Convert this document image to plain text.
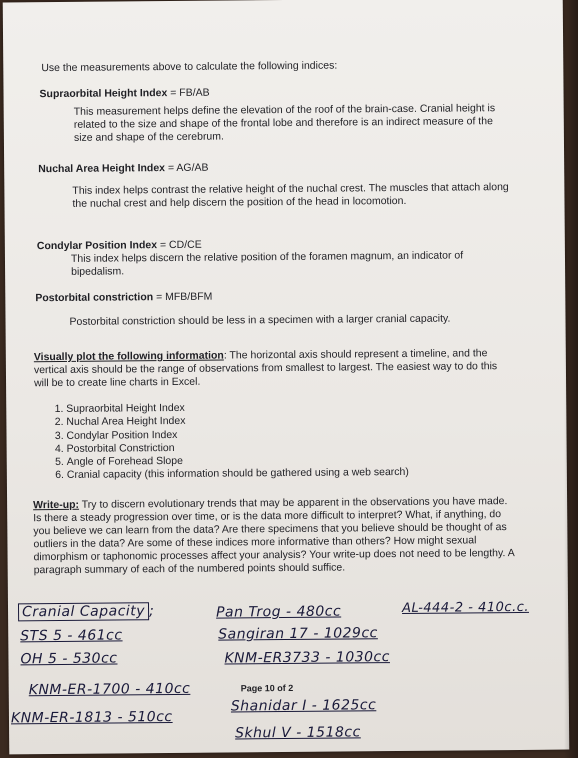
Use the measurements above to calculate the following indices:

Supraorbital Height Index = FB/AB

This measurement helps define the elevation of the roof of the brain-case. Cranial height is related to the size and shape of the frontal lobe and therefore is an indirect measure of the size and shape of the cerebrum.

Nuchal Area Height Index = AG/AB

This index helps contrast the relative height of the nuchal crest. The muscles that attach along the nuchal crest and help discern the position of the head in locomotion.

Condylar Position Index = CD/CE

This index helps discern the relative position of the foramen magnum, an indicator of bipedalism.

Postorbital constriction = MFB/BFM

Postorbital constriction should be less in a specimen with a larger cranial capacity.

Visually plot the following information: The horizontal axis should represent a timeline, and the vertical axis should be the range of observations from smallest to largest. The easiest way to do this will be to create line charts in Excel.

1. Supraorbital Height Index
2. Nuchal Area Height Index
3. Condylar Position Index
4. Postorbital Constriction
5. Angle of Forehead Slope
6. Cranial capacity (this information should be gathered using a web search)

Write-up: Try to discern evolutionary trends that may be apparent in the observations you have made. Is there a steady progression over time, or is the data more difficult to interpret? What, if anything, do you believe we can learn from the data? Are there specimens that you believe should be thought of as outliers in the data? Are some of these indices more informative than others? How might sexual dimorphism or taphonomic processes affect your analysis? Your write-up does not need to be lengthy. A paragraph summary of each of the numbered points should suffice.

Cranial Capacity ;	Pan Trog - 480cc	AL-444-2 - 410c.c.
STS 5 - 461cc	Sangiran 17 - 1029cc
OH 5 - 530cc	KNM-ER3733 - 1030cc
KNM-ER-1700 - 410cc
KNM-ER-1813 - 510cc
Shanidar I - 1625cc
Skhul V - 1518cc
Page 10 of 2
